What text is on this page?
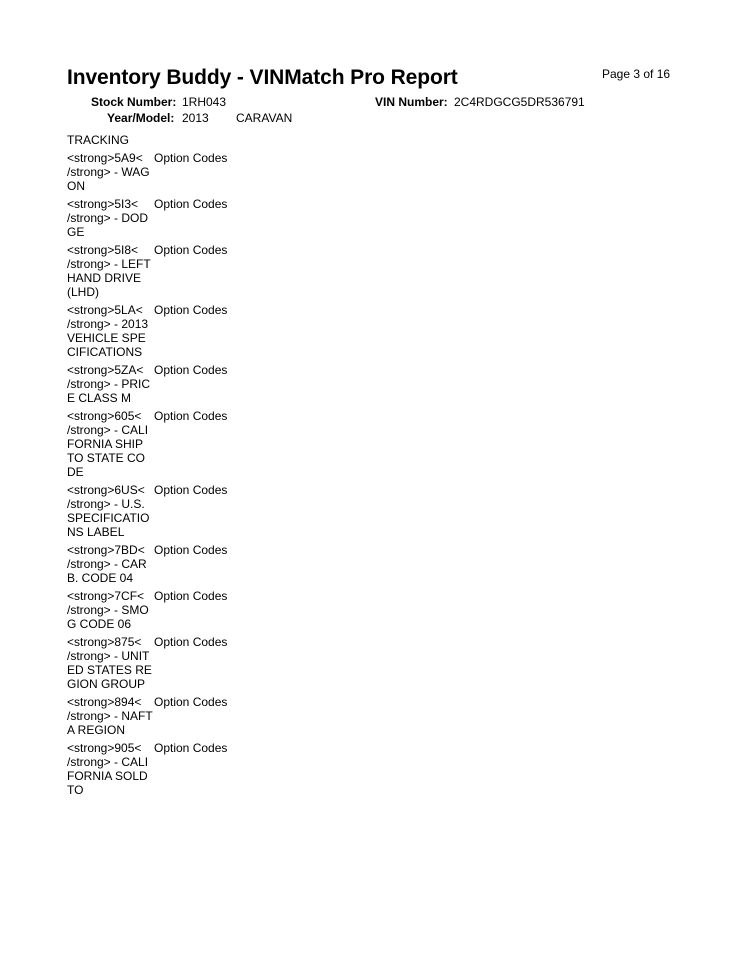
Inventory Buddy - VINMatch Pro Report	Page 3 of 16
Stock Number: 1RH043	VIN Number: 2C4RDGCG5DR536791
Year/Model: 2013 CARAVAN
TRACKING
<strong>5A9<
/strong> - WAGON
Option Codes
<strong>5I3<
/strong> - DODGE
Option Codes
<strong>5I8<
/strong> - LEFT HAND DRIVE (LHD)
Option Codes
<strong>5LA<
/strong> - 2013 VEHICLE SPECIFICATIONS
Option Codes
<strong>5ZA<
/strong> - PRICE CLASS M
Option Codes
<strong>605<
/strong> - CALIFORNIA SHIP TO STATE CODE
Option Codes
<strong>6US<
/strong> - U.S. SPECIFICATIONS LABEL
Option Codes
<strong>7BD<
/strong> - CARB. CODE 04
Option Codes
<strong>7CF<
/strong> - SMOG CODE 06
Option Codes
<strong>875<
/strong> - UNITED STATES REGION GROUP
Option Codes
<strong>894<
/strong> - NAFTA REGION
Option Codes
<strong>905<
/strong> - CALIFORNIA SOLD TO
Option Codes
